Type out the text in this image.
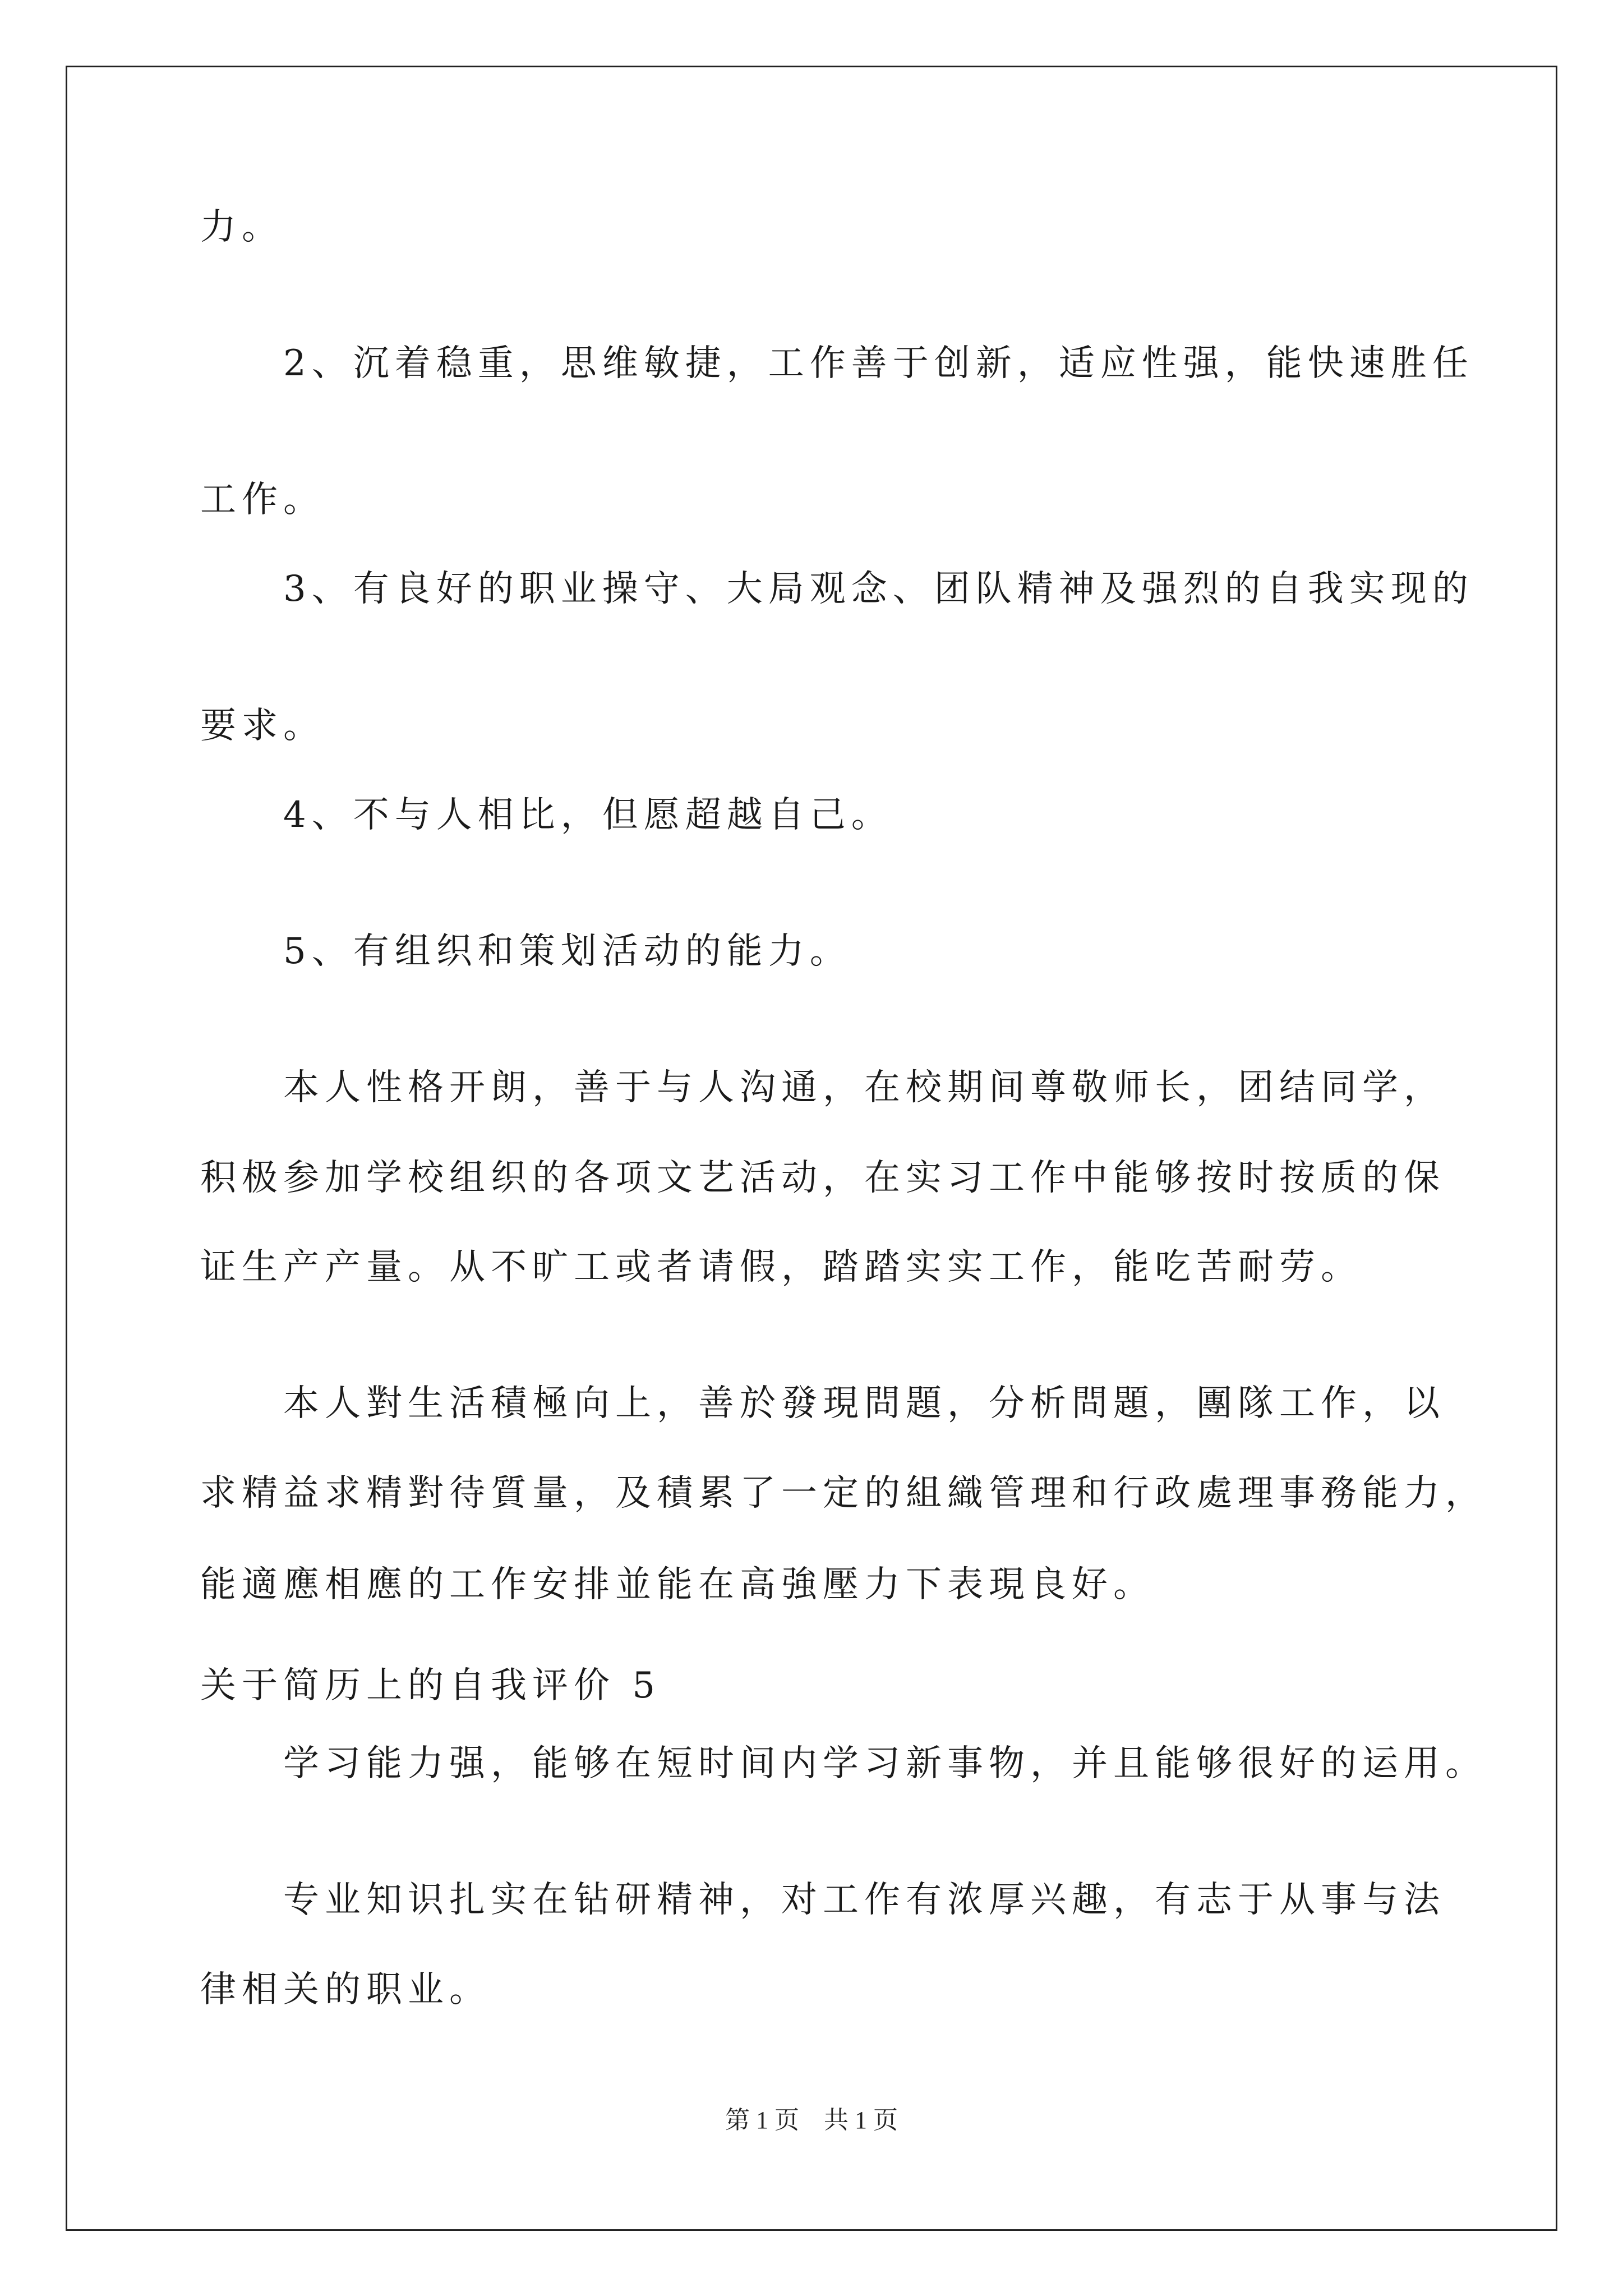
力。
2、沉着稳重，思维敏捷，工作善于创新，适应性强，能快速胜任
工作。
3、有良好的职业操守、大局观念、团队精神及强烈的自我实现的
要求。
4、不与人相比，但愿超越自己。
5、有组织和策划活动的能力。
本人性格开朗，善于与人沟通，在校期间尊敬师长，团结同学，
积极参加学校组织的各项文艺活动，在实习工作中能够按时按质的保
证生产产量。从不旷工或者请假，踏踏实实工作，能吃苦耐劳。
本人對生活積極向上，善於發現問題，分析問題，團隊工作，以
求精益求精對待質量，及積累了一定的組織管理和行政處理事務能力，
能適應相應的工作安排並能在高強壓力下表現良好。
关于简历上的自我评价 5
学习能力强，能够在短时间内学习新事物，并且能够很好的运用。
专业知识扎实在钻研精神，对工作有浓厚兴趣，有志于从事与法
律相关的职业。
第 1 页    共 1 页
